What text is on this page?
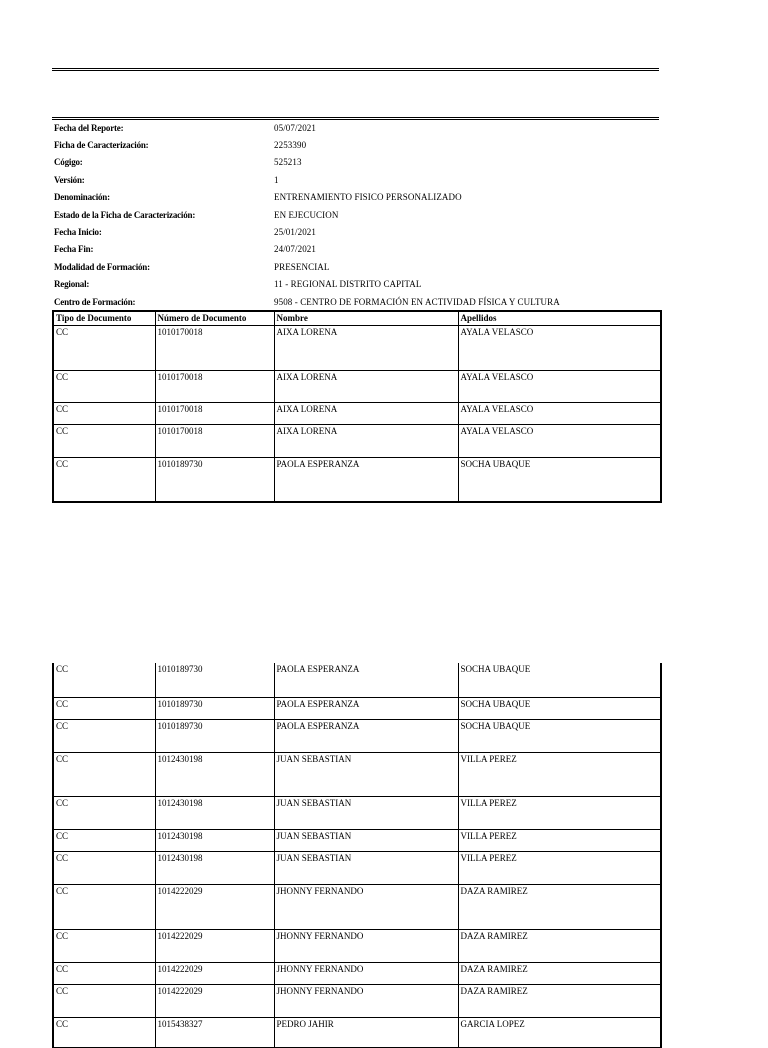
Fecha del Reporte:	05/07/2021
Ficha de Caracterización:	2253390
Cógigo:	525213
Versión:	1
Denominación:	ENTRENAMIENTO FISICO PERSONALIZADO
Estado de la Ficha de Caracterización:	EN EJECUCION
Fecha Inicio:	25/01/2021
Fecha Fin:	24/07/2021
Modalidad de Formación:	PRESENCIAL
Regional:	11 - REGIONAL DISTRITO CAPITAL
Centro de Formación:	9508 - CENTRO DE FORMACIÓN EN ACTIVIDAD FÍSICA Y CULTURA
Tipo de Documento	Número de Documento	Nombre	Apellidos
CC	1010170018	AIXA LORENA	AYALA VELASCO
CC	1010170018	AIXA LORENA	AYALA VELASCO
CC	1010170018	AIXA LORENA	AYALA VELASCO
CC	1010170018	AIXA LORENA	AYALA VELASCO
CC	1010189730	PAOLA ESPERANZA	SOCHA UBAQUE
CC	1010189730	PAOLA ESPERANZA	SOCHA UBAQUE
CC	1010189730	PAOLA ESPERANZA	SOCHA UBAQUE
CC	1010189730	PAOLA ESPERANZA	SOCHA UBAQUE
CC	1012430198	JUAN SEBASTIAN	VILLA PEREZ
CC	1012430198	JUAN SEBASTIAN	VILLA PEREZ
CC	1012430198	JUAN SEBASTIAN	VILLA PEREZ
CC	1012430198	JUAN SEBASTIAN	VILLA PEREZ
CC	1014222029	JHONNY FERNANDO	DAZA RAMIREZ
CC	1014222029	JHONNY FERNANDO	DAZA RAMIREZ
CC	1014222029	JHONNY FERNANDO	DAZA RAMIREZ
CC	1014222029	JHONNY FERNANDO	DAZA RAMIREZ
CC	1015438327	PEDRO JAHIR	GARCIA LOPEZ
